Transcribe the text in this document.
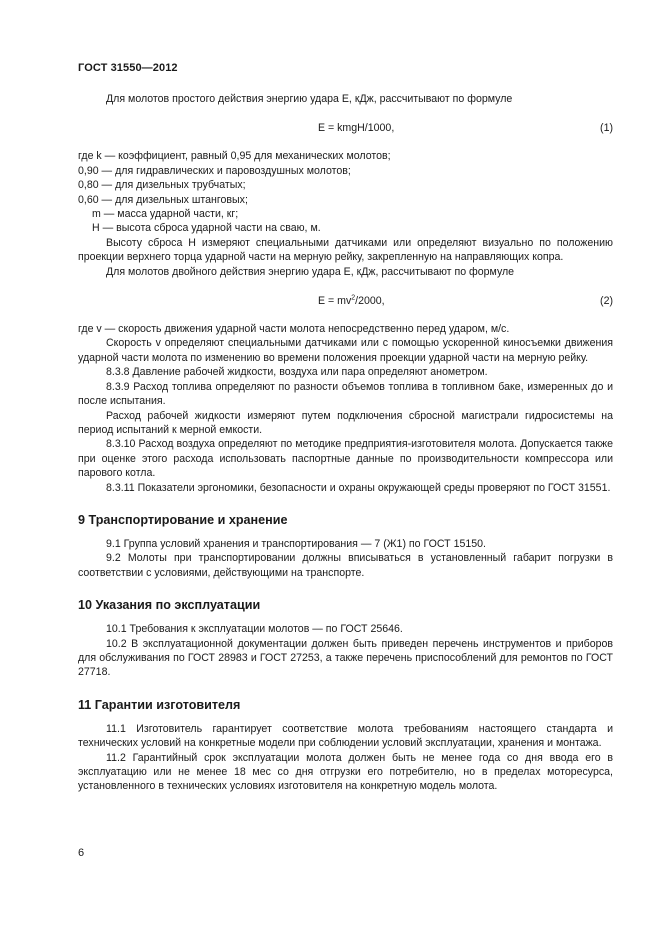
ГОСТ 31550—2012

Для молотов простого действия энергию удара Е, кДж, рассчитывают по формуле

E = kmgH/1000,	(1)

где k — коэффициент, равный 0,95 для механических молотов;

0,90 — для гидравлических и паровоздушных молотов;

0,80 — для дизельных трубчатых;

0,60 — для дизельных штанговых;

m — масса ударной части, кг;

H — высота сброса ударной части на сваю, м.

Высоту сброса H измеряют специальными датчиками или определяют визуально по положению проекции верхнего торца ударной части на мерную рейку, закрепленную на направляющих копра.

Для молотов двойного действия энергию удара Е, кДж, рассчитывают по формуле

$E = mv^2/2000$,	(2)

где v — скорость движения ударной части молота непосредственно перед ударом, м/с.

Скорость v определяют специальными датчиками или с помощью ускоренной киносъемки движения ударной части молота по изменению во времени положения проекции ударной части на мерную рейку.

8.3.8 Давление рабочей жидкости, воздуха или пара определяют анометром.

8.3.9 Расход топлива определяют по разности объемов топлива в топливном баке, измеренных до и после испытания.

Расход рабочей жидкости измеряют путем подключения сбросной магистрали гидросистемы на период испытаний к мерной емкости.

8.3.10 Расход воздуха определяют по методике предприятия-изготовителя молота. Допускается также при оценке этого расхода использовать паспортные данные по производительности компрессора или парового котла.

8.3.11 Показатели эргономики, безопасности и охраны окружающей среды проверяют по ГОСТ 31551.

9 Транспортирование и хранение

9.1 Группа условий хранения и транспортирования — 7 (Ж1) по ГОСТ 15150.

9.2 Молоты при транспортировании должны вписываться в установленный габарит погрузки в соответствии с условиями, действующими на транспорте.

10 Указания по эксплуатации

10.1 Требования к эксплуатации молотов — по ГОСТ 25646.

10.2 В эксплуатационной документации должен быть приведен перечень инструментов и приборов для обслуживания по ГОСТ 28983 и ГОСТ 27253, а также перечень приспособлений для ремонтов по ГОСТ 27718.

11 Гарантии изготовителя

11.1 Изготовитель гарантирует соответствие молота требованиям настоящего стандарта и технических условий на конкретные модели при соблюдении условий эксплуатации, хранения и монтажа.

11.2 Гарантийный срок эксплуатации молота должен быть не менее года со дня ввода его в эксплуатацию или не менее 18 мес со дня отгрузки его потребителю, но в пределах моторесурса, установленного в технических условиях изготовителя на конкретную модель молота.

6
